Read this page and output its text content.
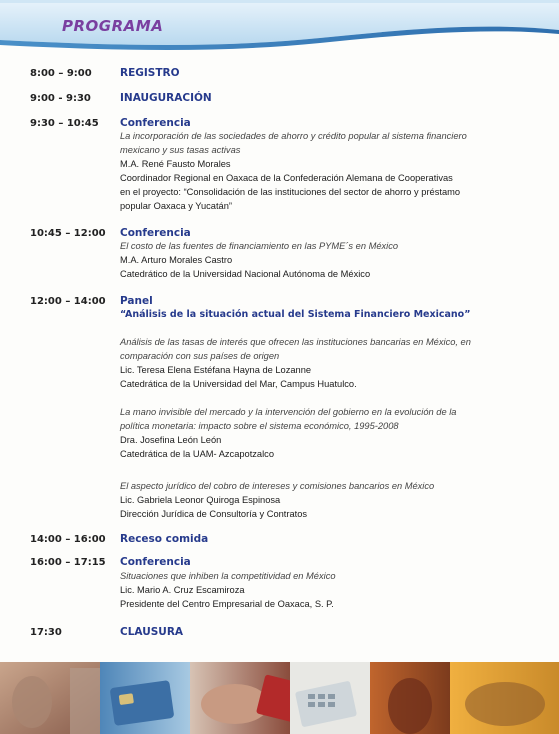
PROGRAMA
8:00 – 9:00	REGISTRO
9:00 - 9:30	INAUGURACIÓN
9:30 – 10:45 Conferencia
La incorporación de las sociedades de ahorro y crédito popular al sistema financiero
mexicano y sus tasas activas
M.A. René Fausto Morales
Coordinador Regional en Oaxaca de la Confederación Alemana de Cooperativas
en el proyecto: “Consolidación de las instituciones del sector de ahorro y préstamo
popular Oaxaca y Yucatán”
10:45 – 12:00 Conferencia
El costo de las fuentes de financiamiento en las PYME´s en México
M.A. Arturo Morales Castro
Catedrático de la Universidad Nacional Autónoma de México
12:00 – 14:00 Panel
“Análisis de la situación actual del Sistema Financiero Mexicano”
Análisis de las tasas de interés que ofrecen las instituciones bancarias en México, en
comparación con sus países de origen
Lic. Teresa Elena Estéfana Hayna de Lozanne
Catedrática de la Universidad del Mar, Campus Huatulco.
La mano invisible del mercado y la intervención del gobierno en la evolución de la
política monetaria: impacto sobre el sistema económico, 1995-2008
Dra. Josefina León León
Catedrática de la UAM- Azcapotzalco
El aspecto jurídico del cobro de intereses y comisiones bancarios en México
Lic. Gabriela Leonor Quiroga Espinosa
Dirección Jurídica de Consultoría y Contratos
14:00 – 16:00 Receso comida
16:00 – 17:15 Conferencia
Situaciones que inhiben la competitividad en México
Lic. Mario A. Cruz Escamiroza
Presidente del Centro Empresarial de Oaxaca, S. P.
17:30	CLAUSURA
